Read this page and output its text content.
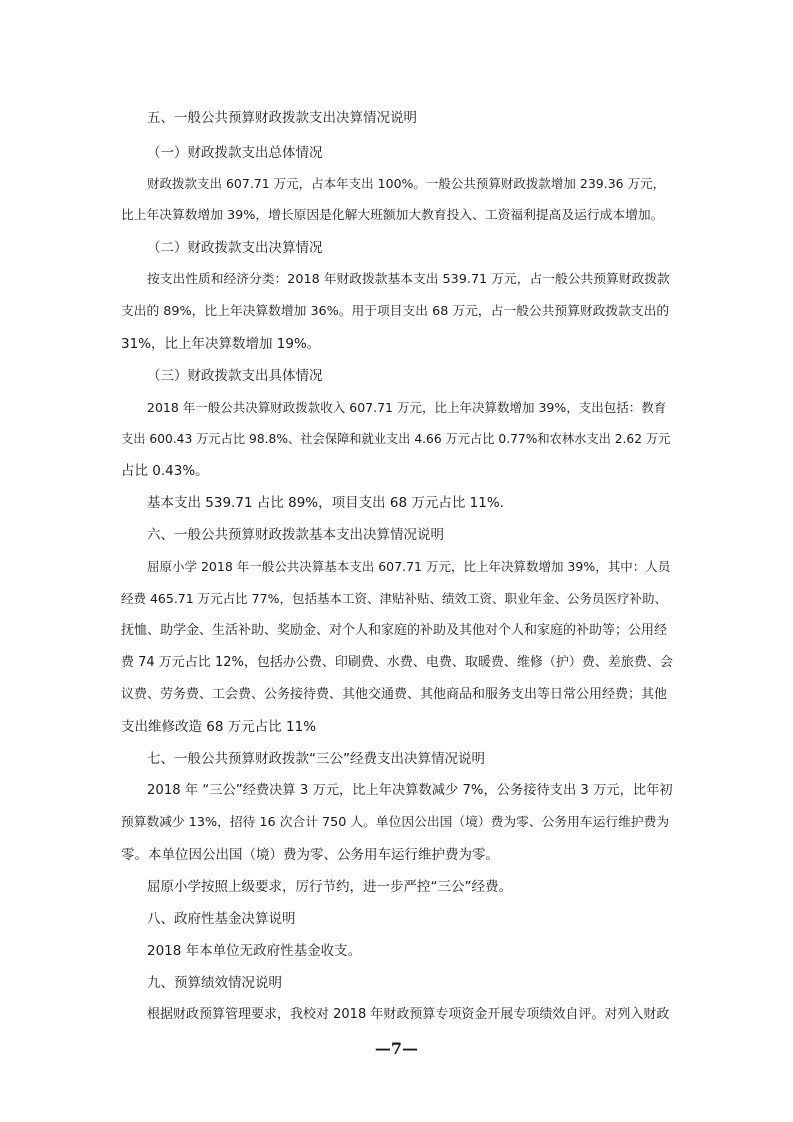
五、一般公共预算财政拨款支出决算情况说明

（一）财政拨款支出总体情况

财政拨款支出 607.71 万元，占本年支出 100%。一般公共预算财政拨款增加 239.36 万元，

比上年决算数增加 39%，增长原因是化解大班额加大教育投入、工资福利提高及运行成本增加。

（二）财政拨款支出决算情况

按支出性质和经济分类：2018 年财政拨款基本支出 539.71 万元，占一般公共预算财政拨款

支出的 89%，比上年决算数增加 36%。用于项目支出 68 万元，占一般公共预算财政拨款支出的

31%，比上年决算数增加 19%。

（三）财政拨款支出具体情况

2018 年一般公共决算财政拨款收入 607.71 万元，比上年决算数增加 39%，支出包括：教育

支出 600.43 万元占比 98.8%、社会保障和就业支出 4.66 万元占比 0.77%和农林水支出 2.62 万元

占比 0.43%。

基本支出 539.71 占比 89%，项目支出 68 万元占比 11%.

六、一般公共预算财政拨款基本支出决算情况说明

屈原小学 2018 年一般公共决算基本支出 607.71 万元，比上年决算数增加 39%，其中：人员

经费 465.71 万元占比 77%，包括基本工资、津贴补贴、绩效工资、职业年金、公务员医疗补助、

抚恤、助学金、生活补助、奖励金、对个人和家庭的补助及其他对个人和家庭的补助等；公用经

费 74 万元占比 12%，包括办公费、印刷费、水费、电费、取暖费、维修（护）费、差旅费、会

议费、劳务费、工会费、公务接待费、其他交通费、其他商品和服务支出等日常公用经费；其他

支出维修改造 68 万元占比 11%

七、一般公共预算财政拨款“三公”经费支出决算情况说明

2018 年 “三公”经费决算 3 万元，比上年决算数减少 7%，公务接待支出 3 万元，比年初

预算数减少 13%，招待 16 次合计 750 人。单位因公出国（境）费为零、公务用车运行维护费为

零。本单位因公出国（境）费为零、公务用车运行维护费为零。

屈原小学按照上级要求，厉行节约，进一步严控“三公”经费。

八、政府性基金决算说明

2018 年本单位无政府性基金收支。

九、预算绩效情况说明

根据财政预算管理要求，我校对 2018 年财政预算专项资金开展专项绩效自评。对列入财政

—7—
